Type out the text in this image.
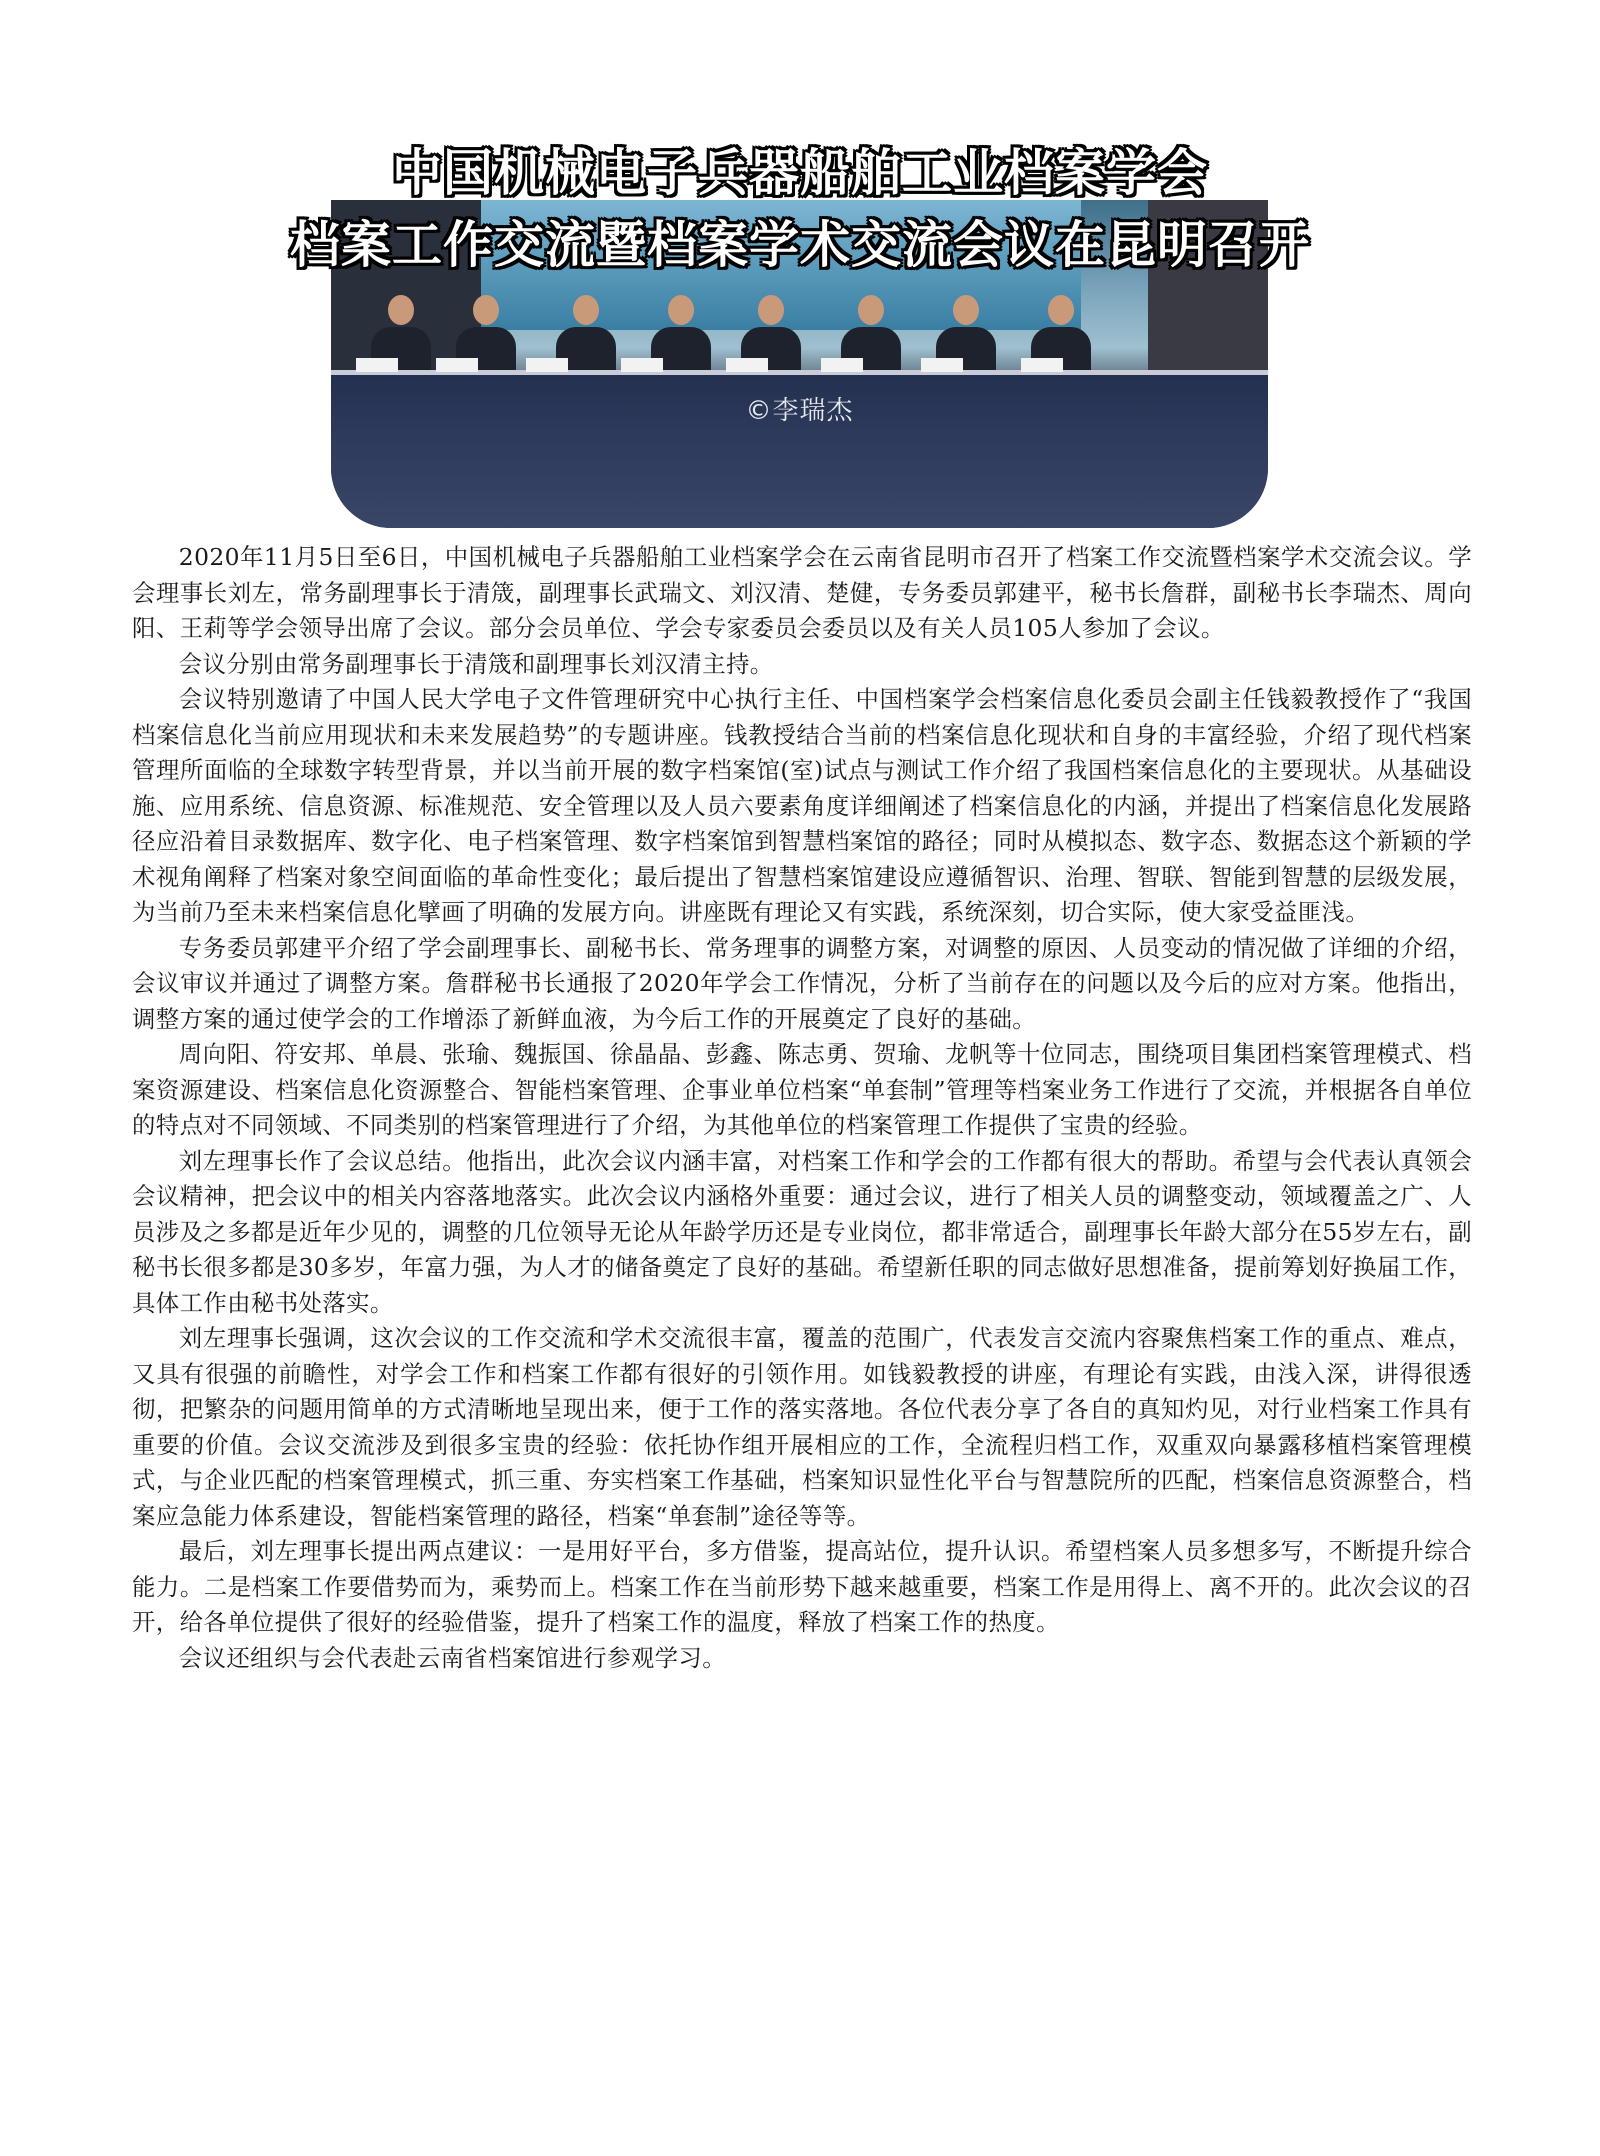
©李瑞杰
中国机械电子兵器船舶工业档案学会
档案工作交流暨档案学术交流会议在昆明召开

2020年11月5日至6日，中国机械电子兵器船舶工业档案学会在云南省昆明市召开了档案工作交流暨档案学术交流会议。学会理事长刘左，常务副理事长于清筬，副理事长武瑞文、刘汉清、楚健，专务委员郭建平，秘书长詹群，副秘书长李瑞杰、周向阳、王莉等学会领导出席了会议。部分会员单位、学会专家委员会委员以及有关人员105人参加了会议。

会议分别由常务副理事长于清筬和副理事长刘汉清主持。

会议特别邀请了中国人民大学电子文件管理研究中心执行主任、中国档案学会档案信息化委员会副主任钱毅教授作了“我国档案信息化当前应用现状和未来发展趋势”的专题讲座。钱教授结合当前的档案信息化现状和自身的丰富经验，介绍了现代档案管理所面临的全球数字转型背景，并以当前开展的数字档案馆(室)试点与测试工作介绍了我国档案信息化的主要现状。从基础设施、应用系统、信息资源、标准规范、安全管理以及人员六要素角度详细阐述了档案信息化的内涵，并提出了档案信息化发展路径应沿着目录数据库、数字化、电子档案管理、数字档案馆到智慧档案馆的路径；同时从模拟态、数字态、数据态这个新颖的学术视角阐释了档案对象空间面临的革命性变化；最后提出了智慧档案馆建设应遵循智识、治理、智联、智能到智慧的层级发展，为当前乃至未来档案信息化擘画了明确的发展方向。讲座既有理论又有实践，系统深刻，切合实际，使大家受益匪浅。

专务委员郭建平介绍了学会副理事长、副秘书长、常务理事的调整方案，对调整的原因、人员变动的情况做了详细的介绍，会议审议并通过了调整方案。詹群秘书长通报了2020年学会工作情况，分析了当前存在的问题以及今后的应对方案。他指出，调整方案的通过使学会的工作增添了新鲜血液，为今后工作的开展奠定了良好的基础。

周向阳、符安邦、单晨、张瑜、魏振国、徐晶晶、彭鑫、陈志勇、贺瑜、龙帆等十位同志，围绕项目集团档案管理模式、档案资源建设、档案信息化资源整合、智能档案管理、企事业单位档案“单套制”管理等档案业务工作进行了交流，并根据各自单位的特点对不同领域、不同类别的档案管理进行了介绍，为其他单位的档案管理工作提供了宝贵的经验。

刘左理事长作了会议总结。他指出，此次会议内涵丰富，对档案工作和学会的工作都有很大的帮助。希望与会代表认真领会会议精神，把会议中的相关内容落地落实。此次会议内涵格外重要：通过会议，进行了相关人员的调整变动，领域覆盖之广、人员涉及之多都是近年少见的，调整的几位领导无论从年龄学历还是专业岗位，都非常适合，副理事长年龄大部分在55岁左右，副秘书长很多都是30多岁，年富力强，为人才的储备奠定了良好的基础。希望新任职的同志做好思想准备，提前筹划好换届工作，具体工作由秘书处落实。

刘左理事长强调，这次会议的工作交流和学术交流很丰富，覆盖的范围广，代表发言交流内容聚焦档案工作的重点、难点，又具有很强的前瞻性，对学会工作和档案工作都有很好的引领作用。如钱毅教授的讲座，有理论有实践，由浅入深，讲得很透彻，把繁杂的问题用简单的方式清晰地呈现出来，便于工作的落实落地。各位代表分享了各自的真知灼见，对行业档案工作具有重要的价值。会议交流涉及到很多宝贵的经验：依托协作组开展相应的工作，全流程归档工作，双重双向暴露移植档案管理模式，与企业匹配的档案管理模式，抓三重、夯实档案工作基础，档案知识显性化平台与智慧院所的匹配，档案信息资源整合，档案应急能力体系建设，智能档案管理的路径，档案“单套制”途径等等。

最后，刘左理事长提出两点建议：一是用好平台，多方借鉴，提高站位，提升认识。希望档案人员多想多写，不断提升综合能力。二是档案工作要借势而为，乘势而上。档案工作在当前形势下越来越重要，档案工作是用得上、离不开的。此次会议的召开，给各单位提供了很好的经验借鉴，提升了档案工作的温度，释放了档案工作的热度。

会议还组织与会代表赴云南省档案馆进行参观学习。
